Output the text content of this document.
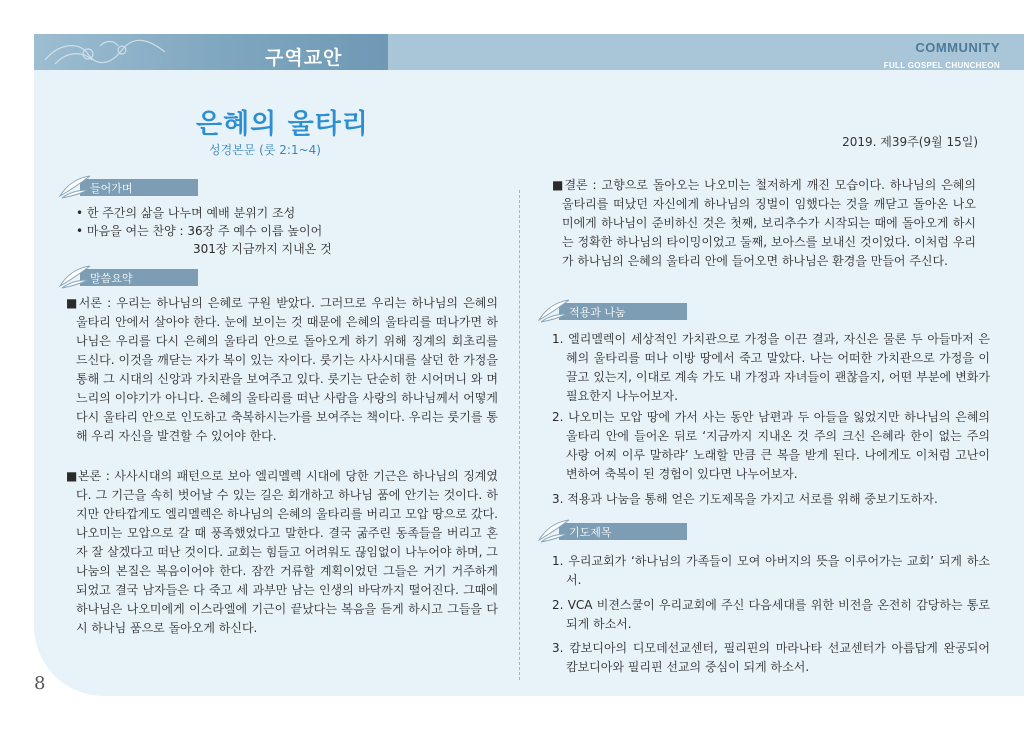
구역교안	COMMUNITY
FULL GOSPEL CHUNCHEON
은혜의 울타리
성경본문 (룻 2:1~4)
2019. 제39주(9월 15일)
들어가며
• 한 주간의 삶을 나누며 예배 분위기 조성
• 마음을 여는 찬양 : 36장 주 예수 이름 높이어
301장 지금까지 지내온 것
말씀요약
■서론 : 우리는 하나님의 은혜로 구원 받았다. 그러므로 우리는 하나님의 은혜의 울타리 안에서 살아야 한다. 눈에 보이는 것 때문에 은혜의 울타리를 떠나가면 하나님은 우리를 다시 은혜의 울타리 안으로 돌아오게 하기 위해 징계의 회초리를 드신다. 이것을 깨닫는 자가 복이 있는 자이다. 룻기는 사사시대를 살던 한 가정을 통해 그 시대의 신앙과 가치관을 보여주고 있다. 룻기는 단순히 한 시어머니 와 며느리의 이야기가 아니다. 은혜의 울타리를 떠난 사람을 사랑의 하나님께서 어떻게 다시 울타리 안으로 인도하고 축복하시는가를 보여주는 책이다. 우리는 룻기를 통해 우리 자신을 발견할 수 있어야 한다.
■본론 : 사사시대의 패턴으로 보아 엘리멜렉 시대에 당한 기근은 하나님의 징계였다. 그 기근을 속히 벗어날 수 있는 길은 회개하고 하나님 품에 안기는 것이다. 하지만 안타깝게도 엘리멜렉은 하나님의 은혜의 울타리를 버리고 모압 땅으로 갔다. 나오미는 모압으로 갈 때 풍족했었다고 말한다. 결국 굶주린 동족들을 버리고 혼자 잘 살겠다고 떠난 것이다. 교회는 힘들고 어려워도 끊임없이 나누어야 하며, 그 나눔의 본질은 복음이어야 한다. 잠깐 거류할 계획이었던 그들은 거기 거주하게 되었고 결국 남자들은 다 죽고 세 과부만 남는 인생의 바닥까지 떨어진다. 그때에 하나님은 나오미에게 이스라엘에 기근이 끝났다는 복음을 듣게 하시고 그들을 다시 하나님 품으로 돌아오게 하신다.
■결론 : 고향으로 돌아오는 나오미는 철저하게 깨진 모습이다. 하나님의 은혜의 울타리를 떠났던 자신에게 하나님의 징벌이 임했다는 것을 깨닫고 돌아온 나오미에게 하나님이 준비하신 것은 첫째, 보리추수가 시작되는 때에 돌아오게 하시는 정확한 하나님의 타이밍이었고 둘째, 보아스를 보내신 것이었다. 이처럼 우리가 하나님의 은혜의 울타리 안에 들어오면 하나님은 환경을 만들어 주신다.
적용과 나눔
1. 엘리멜렉이 세상적인 가치관으로 가정을 이끈 결과, 자신은 물론 두 아들마저 은혜의 울타리를 떠나 이방 땅에서 죽고 말았다. 나는 어떠한 가치관으로 가정을 이끌고 있는지, 이대로 계속 가도 내 가정과 자녀들이 괜찮을지, 어떤 부분에 변화가 필요한지 나누어보자.
2. 나오미는 모압 땅에 가서 사는 동안 남편과 두 아들을 잃었지만 하나님의 은혜의 울타리 안에 들어온 뒤로 ‘지금까지 지내온 것 주의 크신 은혜라 한이 없는 주의 사랑 어찌 이루 말하랴’ 노래할 만큼 큰 복을 받게 된다. 나에게도 이처럼 고난이 변하여 축복이 된 경험이 있다면 나누어보자.
3. 적용과 나눔을 통해 얻은 기도제목을 가지고 서로를 위해 중보기도하자.
기도제목
1. 우리교회가 ‘하나님의 가족들이 모여 아버지의 뜻을 이루어가는 교회’ 되게 하소서.
2. VCA 비젼스쿨이 우리교회에 주신 다음세대를 위한 비전을 온전히 감당하는 통로 되게 하소서.
3. 캄보디아의 디모데선교센터, 필리핀의 마라나타 선교센터가 아름답게 완공되어 캄보디아와 필리핀 선교의 중심이 되게 하소서.
8
